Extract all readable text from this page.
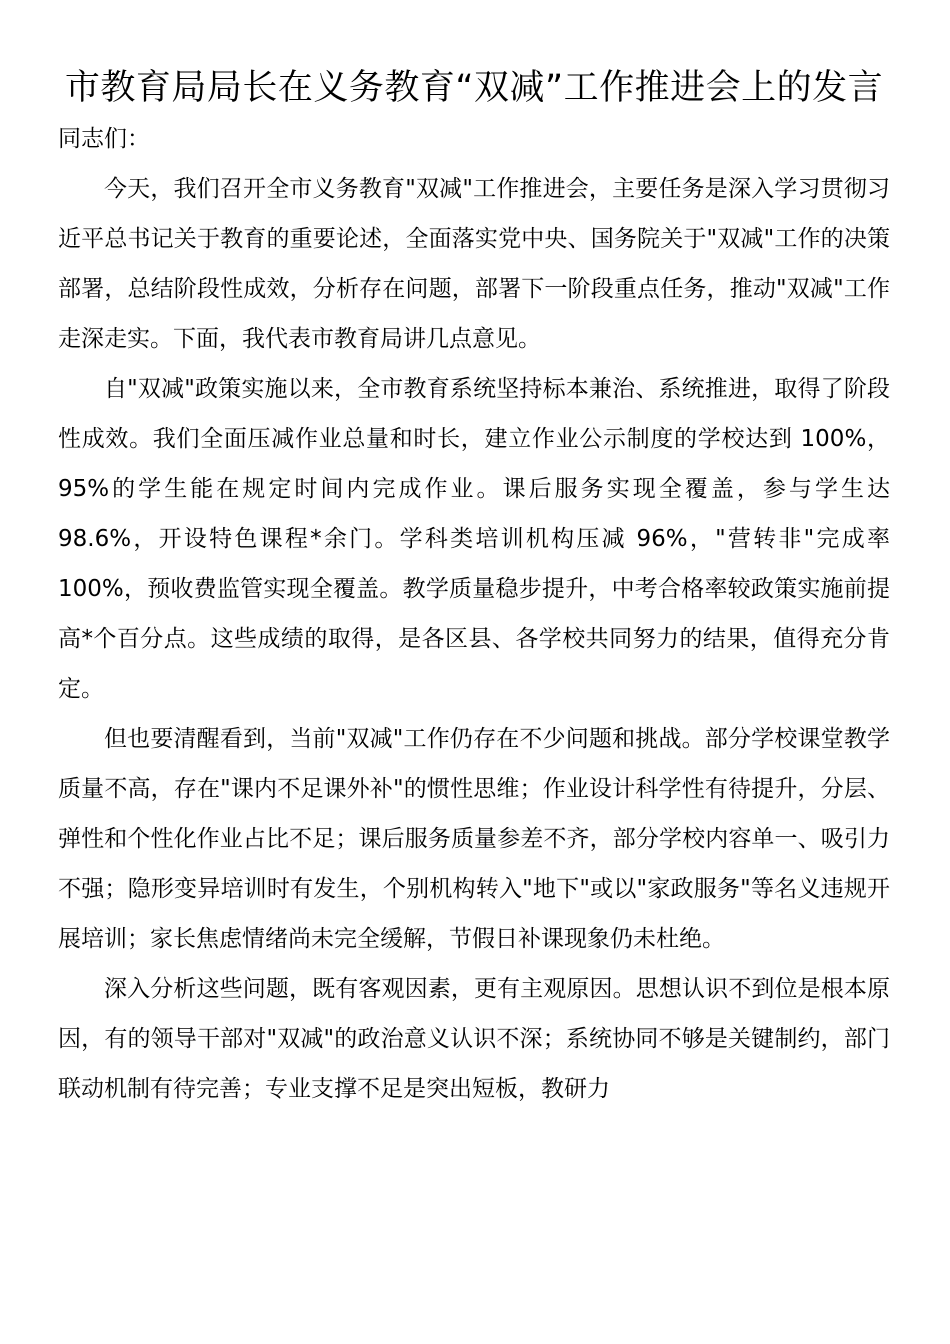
市教育局局长在义务教育“双减”工作推进会上的发言

同志们：

今天，我们召开全市义务教育"双减"工作推进会，主要任务是深入学习贯彻习近平总书记关于教育的重要论述，全面落实党中央、国务院关于"双减"工作的决策部署，总结阶段性成效，分析存在问题，部署下一阶段重点任务，推动"双减"工作走深走实。下面，我代表市教育局讲几点意见。

自"双减"政策实施以来，全市教育系统坚持标本兼治、系统推进，取得了阶段性成效。我们全面压减作业总量和时长，建立作业公示制度的学校达到 100%，95%的学生能在规定时间内完成作业。课后服务实现全覆盖，参与学生达 98.6%，开设特色课程*余门。学科类培训机构压减 96%，"营转非"完成率 100%，预收费监管实现全覆盖。教学质量稳步提升，中考合格率较政策实施前提高*个百分点。这些成绩的取得，是各区县、各学校共同努力的结果，值得充分肯定。

但也要清醒看到，当前"双减"工作仍存在不少问题和挑战。部分学校课堂教学质量不高，存在"课内不足课外补"的惯性思维；作业设计科学性有待提升，分层、弹性和个性化作业占比不足；课后服务质量参差不齐，部分学校内容单一、吸引力不强；隐形变异培训时有发生，个别机构转入"地下"或以"家政服务"等名义违规开展培训；家长焦虑情绪尚未完全缓解，节假日补课现象仍未杜绝。

深入分析这些问题，既有客观因素，更有主观原因。思想认识不到位是根本原因，有的领导干部对"双减"的政治意义认识不深；系统协同不够是关键制约，部门联动机制有待完善；专业支撑不足是突出短板，教研力
